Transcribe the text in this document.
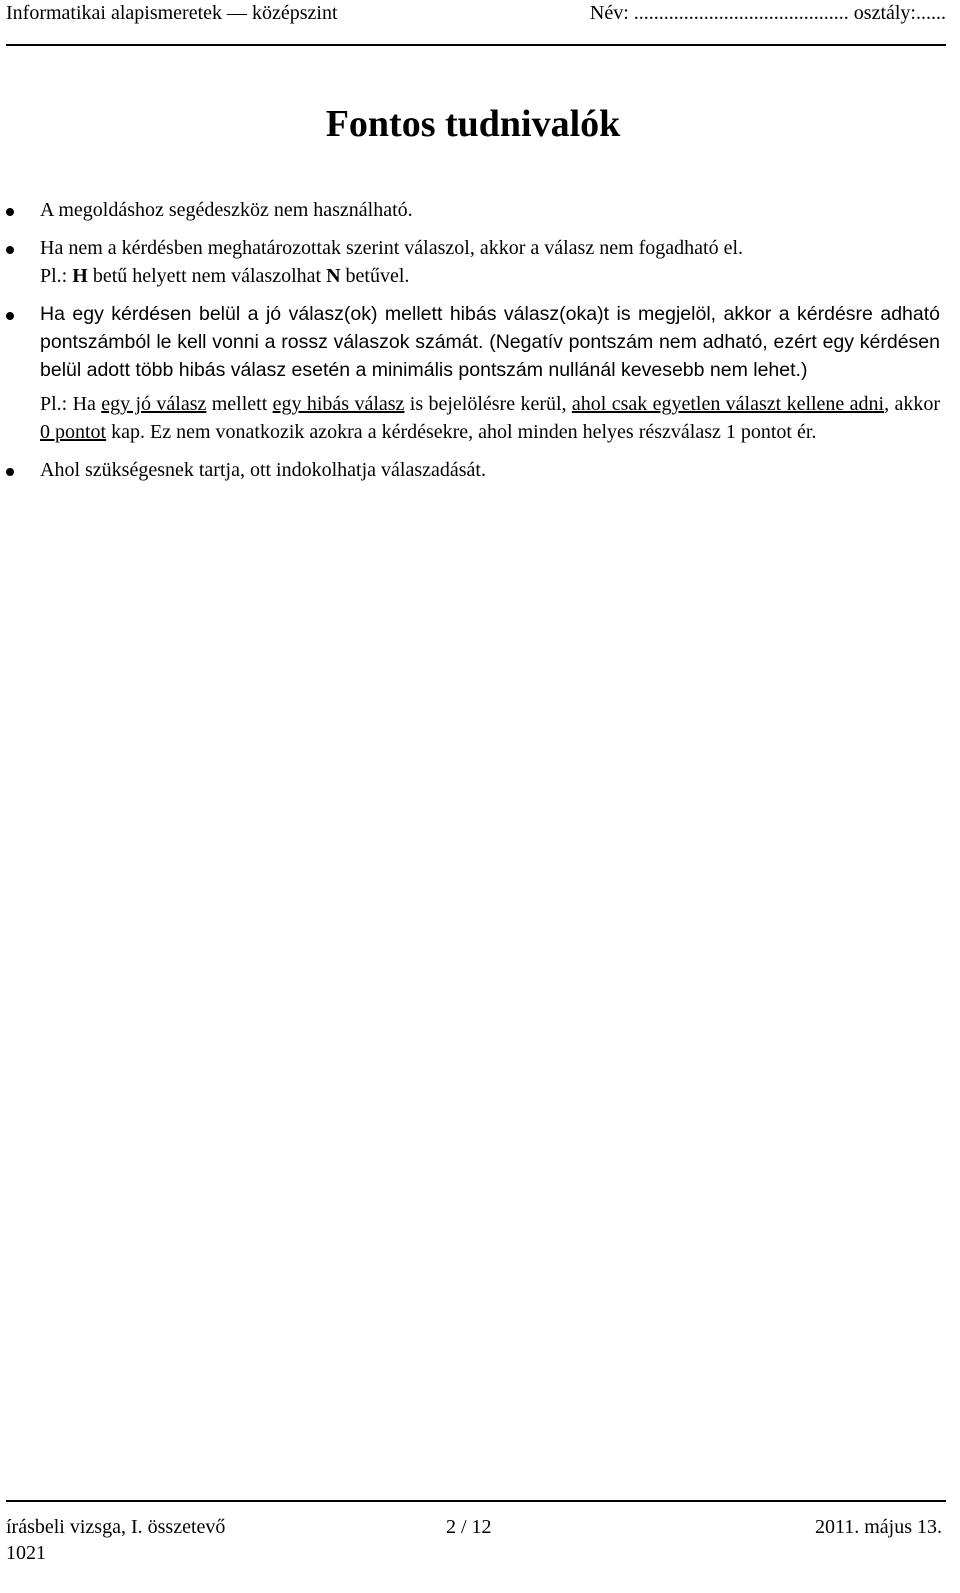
Informatikai alapismeretek — középszint	Név: ........................................... osztály:......
Fontos tudnivalók

A megoldáshoz segédeszköz nem használható.

Ha nem a kérdésben meghatározottak szerint válaszol, akkor a válasz nem fogadható el.

Pl.: H betű helyett nem válaszolhat N betűvel.

Ha egy kérdésen belül a jó válasz(ok) mellett hibás válasz(oka)t is megjelöl, akkor a kérdésre adható pontszámból le kell vonni a rossz válaszok számát. (Negatív pontszám nem adható, ezért egy kérdésen belül adott több hibás válasz esetén a minimális pontszám nullánál kevesebb nem lehet.)

Pl.: Ha egy jó válasz mellett egy hibás válasz is bejelölésre kerül, ahol csak egyetlen választ kellene adni, akkor 0 pontot kap. Ez nem vonatkozik azokra a kérdésekre, ahol minden helyes részválasz 1 pontot ér.

Ahol szükségesnek tartja, ott indokolhatja válaszadását.

írásbeli vizsga, I. összetevő	2 / 12	2011. május 13.
1021
